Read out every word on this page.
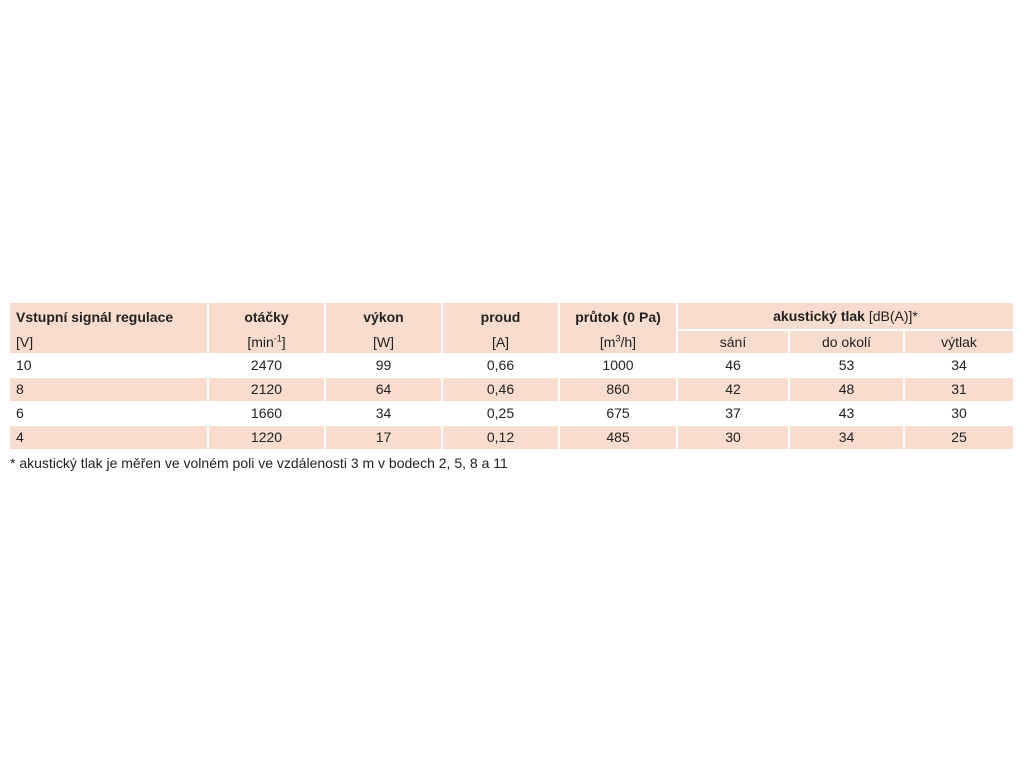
Vstupní signál regulace	otáčky	výkon	proud	průtok (0 Pa)	akustický tlak [dB(A)]*		
[V]	$[\min^{-1}]$	[W]	[A]	$[m^3/h]$	sání	do okolí	výtlak
10	2470	99	0,66	1000	46	53	34
8	2120	64	0,46	860	42	48	31
6	1660	34	0,25	675	37	43	30
4	1220	17	0,12	485	30	34	25
* akustický tlak je měřen ve volném poli ve vzdálenosti 3 m v bodech 2, 5, 8 a 11
